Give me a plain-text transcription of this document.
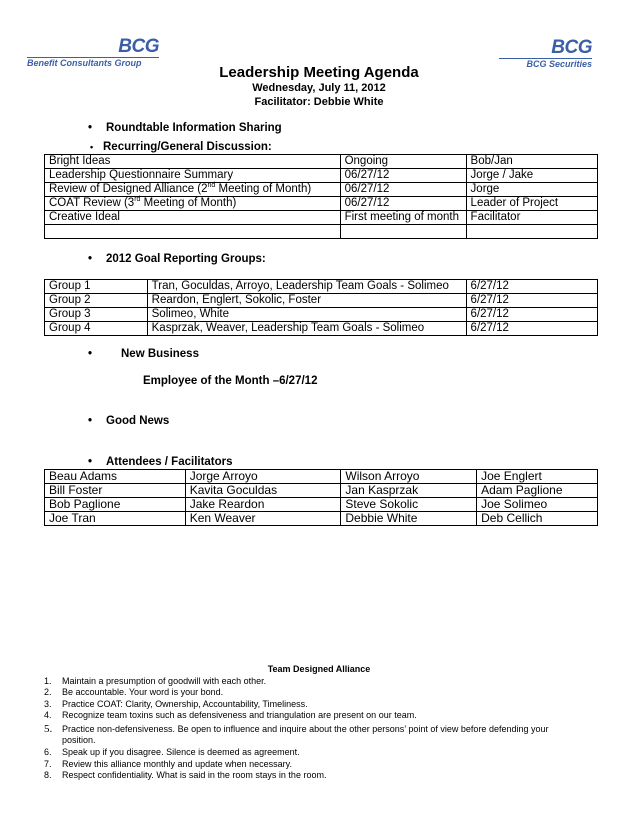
BCG
Benefit Consultants Group
BCG
BCG Securities
Leadership Meeting Agenda
Wednesday, July 11, 2012
Facilitator: Debbie White
• Roundtable Information Sharing
• Recurring/General Discussion:
Bright Ideas	Ongoing	Bob/Jan
Leadership Questionnaire Summary	06/27/12	Jorge / Jake
Review of Designed Alliance (2nd Meeting of Month)	06/27/12	Jorge
COAT Review (3rd Meeting of Month)	06/27/12	Leader of Project
Creative Ideal	First meeting of month	Facilitator

• 2012 Goal Reporting Groups:
Group 1	Tran, Goculdas, Arroyo, Leadership Team Goals - Solimeo	6/27/12
Group 2	Reardon, Englert, Sokolic, Foster	6/27/12
Group 3	Solimeo, White	6/27/12
Group 4	Kasprzak, Weaver, Leadership Team Goals - Solimeo	6/27/12
•	New Business
Employee of the Month –6/27/12
• Good News
• Attendees / Facilitators
Beau Adams	Jorge Arroyo	Wilson Arroyo	Joe Englert
Bill Foster	Kavita Goculdas	Jan Kasprzak	Adam Paglione
Bob Paglione	Jake Reardon	Steve Sokolic	Joe Solimeo
Joe Tran	Ken Weaver	Debbie White	Deb Cellich
Team Designed Alliance
1.	Maintain a presumption of goodwill with each other.
2.	Be accountable. Your word is your bond.
3.	Practice COAT: Clarity, Ownership, Accountability, Timeliness.
4.	Recognize team toxins such as defensiveness and triangulation are present on our team.
5.	Practice non-defensiveness. Be open to influence and inquire about the other persons’ point of view before defending your position.
6.	Speak up if you disagree. Silence is deemed as agreement.
7.	Review this alliance monthly and update when necessary.
8.	Respect confidentiality. What is said in the room stays in the room.
